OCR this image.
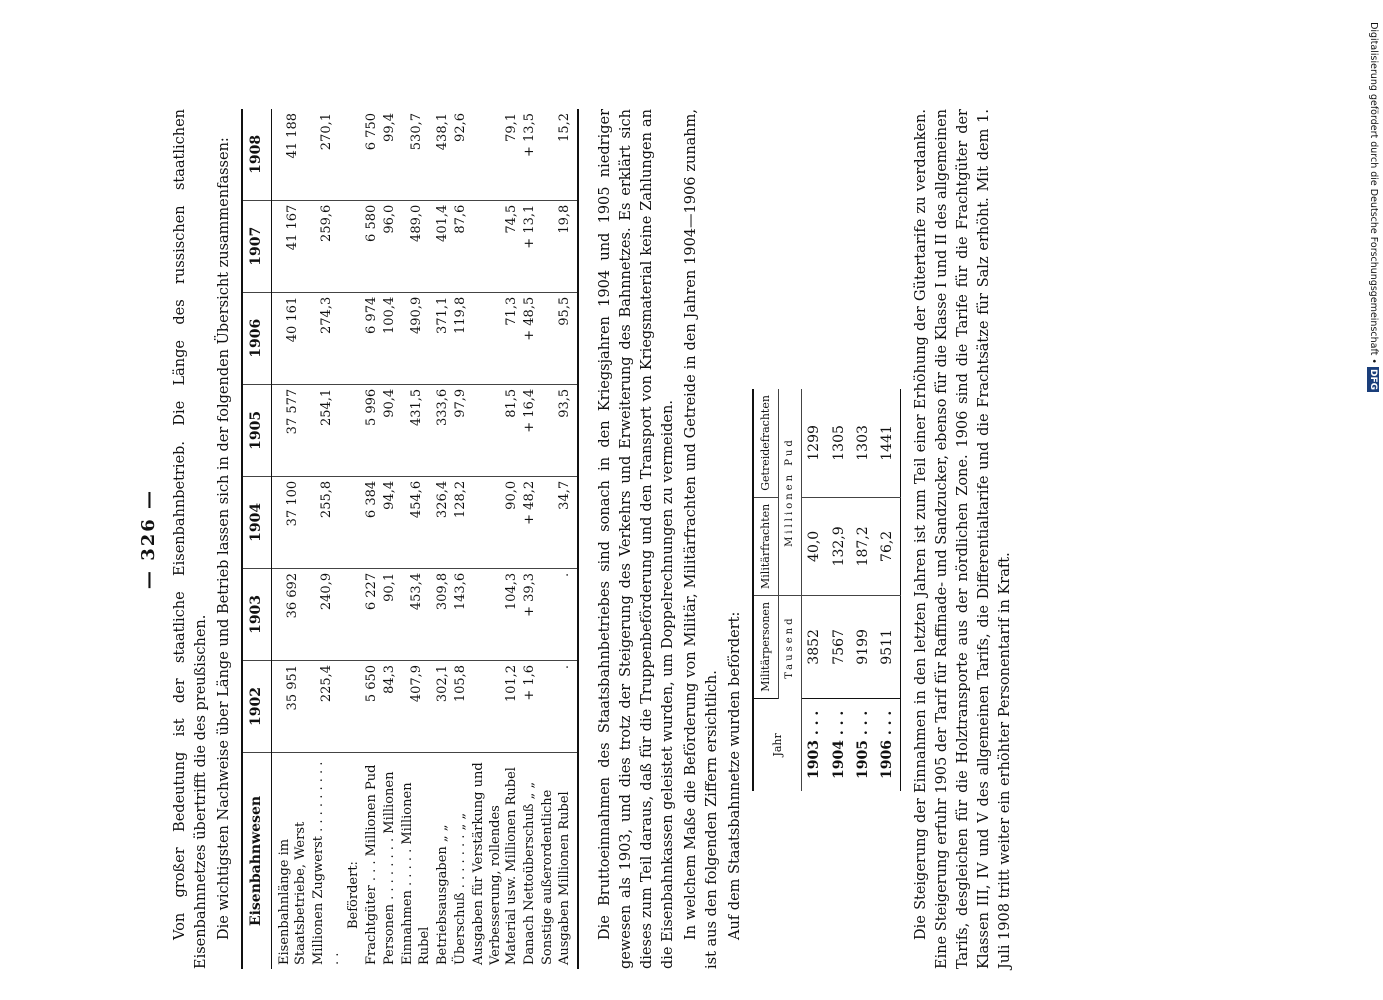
— 326 — Von großer Bedeutung ist der staatliche Eisenbahnbetrieb. Die Länge des russischen staatlichen Eisenbahnnetzes übertrifft die des preußischen. Die wichtigsten Nachweise über Länge und Betrieb lassen sich in der folgenden Übersicht zusammenfassen: Eisenbahnwesen	1902	1903	1904	1905	1906	1907	1908
Eisenbahnlänge im Staatsbetriebe, Werst	35 951	36 692	37 100	37 577	40 161	41 167	41 188
Millionen Zugwerst . . . . . . . . . . .	225,4	240,9	255,8	254,1	274,3	259,6	270,1
Befördert:							
Frachtgüter . . . Millionen Pud	5 650	6 227	6 384	5 996	6 974	6 580	6 750
Personen . . . . . . . . Millionen	84,3	90,1	94,4	90,4	100,4	96,0	99,4
Einnahmen . . . . . Millionen Rubel	407,9	453,4	454,6	431,5	490,9	489,0	530,7
Betriebsausgaben „ „	302,1	309,8	326,4	333,6	371,1	401,4	438,1
Überschuß . . . . . . . „ „	105,8	143,6	128,2	97,9	119,8	87,6	92,6
Ausgaben für Verstärkung und Verbesserung, rollendes Material usw. Millionen Rubel	101,2	104,3	90,0	81,5	71,3	74,5	79,1
Danach Nettoüberschuß „ „	+ 1,6	+ 39,3	+ 48,2	+ 16,4	+ 48,5	+ 13,1	+ 13,5
Sonstige außerordentliche Ausgaben Millionen Rubel	.	.	34,7	93,5	95,5	19,8	15,2 Die Bruttoeinnahmen des Staatsbahnbetriebes sind sonach in den Kriegsjahren 1904 und 1905 niedriger gewesen als 1903, und dies trotz der Steigerung des Verkehrs und Erweiterung des Bahnnetzes. Es erklärt sich dieses zum Teil daraus, daß für die Truppenbeförderung und den Transport von Kriegsmaterial keine Zahlungen an die Eisenbahnkassen geleistet wurden, um Doppelrechnungen zu vermeiden. In welchem Maße die Beförderung von Militär, Militärfrachten und Getreide in den Jahren 1904—1906 zunahm, ist aus den folgenden Ziffern ersichtlich. Auf dem Staatsbahnnetze wurden befördert:	Jahr	Militärpersonen	Militärfrachten	Getreidefrachten
	Tausend	Millionen Pud	
1903 . . .	3852	40,0	1299
1904 . . .	7567	132,9	1305
1905 . . .	9199	187,2	1303
1906 . . .	9511	76,2	1441 Die Steigerung der Einnahmen in den letzten Jahren ist zum Teil einer Erhöhung der Gütertarife zu verdanken. Eine Steigerung erfuhr 1905 der Tarif für Raffinade- und Sandzucker, ebenso für die Klasse I und II des allgemeinen Tarifs, desgleichen für die Holztransporte aus der nördlichen Zone. 1906 sind die Tarife für die Frachtgüter der Klassen III, IV und V des allgemeinen Tarifs, die Differentialtarife und die Frachtsätze für Salz erhöht. Mit dem 1. Juli 1908 tritt weiter ein erhöhter Personentarif in Kraft.

Digitalisierung gefördert durch die Deutsche Forschungsgemeinschaft •DFG
